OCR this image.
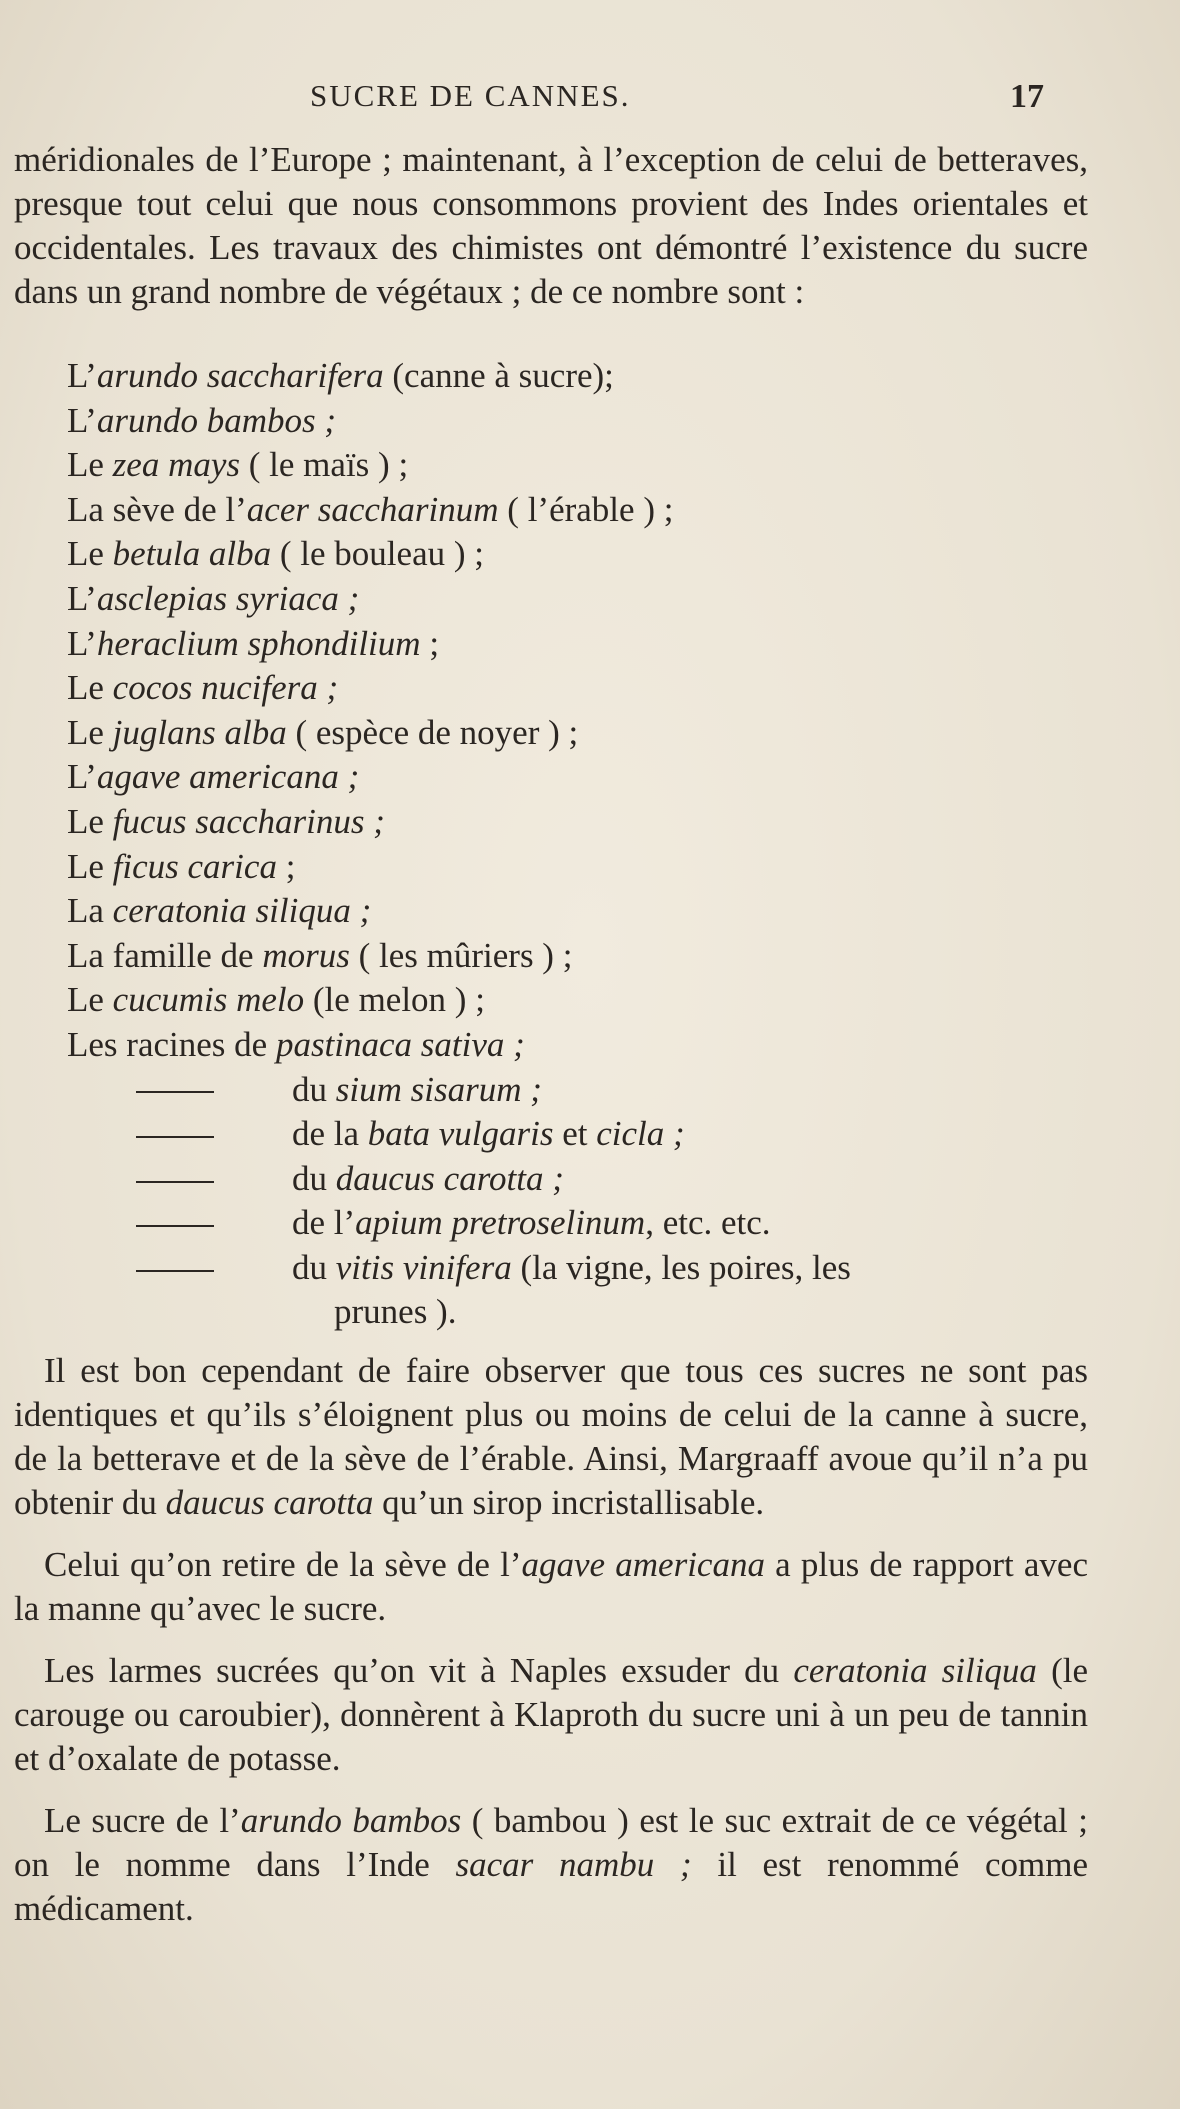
SUCRE DE CANNES.	17

méridionales de l’Europe ; maintenant, à l’exception de celui de betteraves, presque tout celui que nous consommons provient des Indes orientales et occidentales. Les travaux des chimistes ont démontré l’existence du sucre dans un grand nombre de végétaux ; de ce nombre sont :

L’arundo saccharifera (canne à sucre);
L’arundo bambos ;
Le zea mays ( le maïs ) ;
La sève de l’acer saccharinum ( l’érable ) ;
Le betula alba ( le bouleau ) ;
L’asclepias syriaca ;
L’heraclium sphondilium ;
Le cocos nucifera ;
Le juglans alba ( espèce de noyer ) ;
L’agave americana ;
Le fucus saccharinus ;
Le ficus carica ;
La ceratonia siliqua ;
La famille de morus ( les mûriers ) ;
Le cucumis melo (le melon ) ;
Les racines de pastinaca sativa ;
du sium sisarum ;
de la bata vulgaris et cicla ;
du daucus carotta ;
de l’apium pretroselinum, etc. etc.
du vitis vinifera (la vigne, les poires, les
prunes ).

Il est bon cependant de faire observer que tous ces sucres ne sont pas identiques et qu’ils s’éloignent plus ou moins de celui de la canne à sucre, de la betterave et de la sève de l’érable. Ainsi, Margraaff avoue qu’il n’a pu obtenir du daucus carotta qu’un sirop incristallisable.

Celui qu’on retire de la sève de l’agave americana a plus de rapport avec la manne qu’avec le sucre.

Les larmes sucrées qu’on vit à Naples exsuder du ceratonia siliqua (le carouge ou caroubier), donnèrent à Klaproth du sucre uni à un peu de tannin et d’oxalate de potasse.

Le sucre de l’arundo bambos ( bambou ) est le suc extrait de ce végétal ; on le nomme dans l’Inde sacar nambu ; il est renommé comme médicament.
